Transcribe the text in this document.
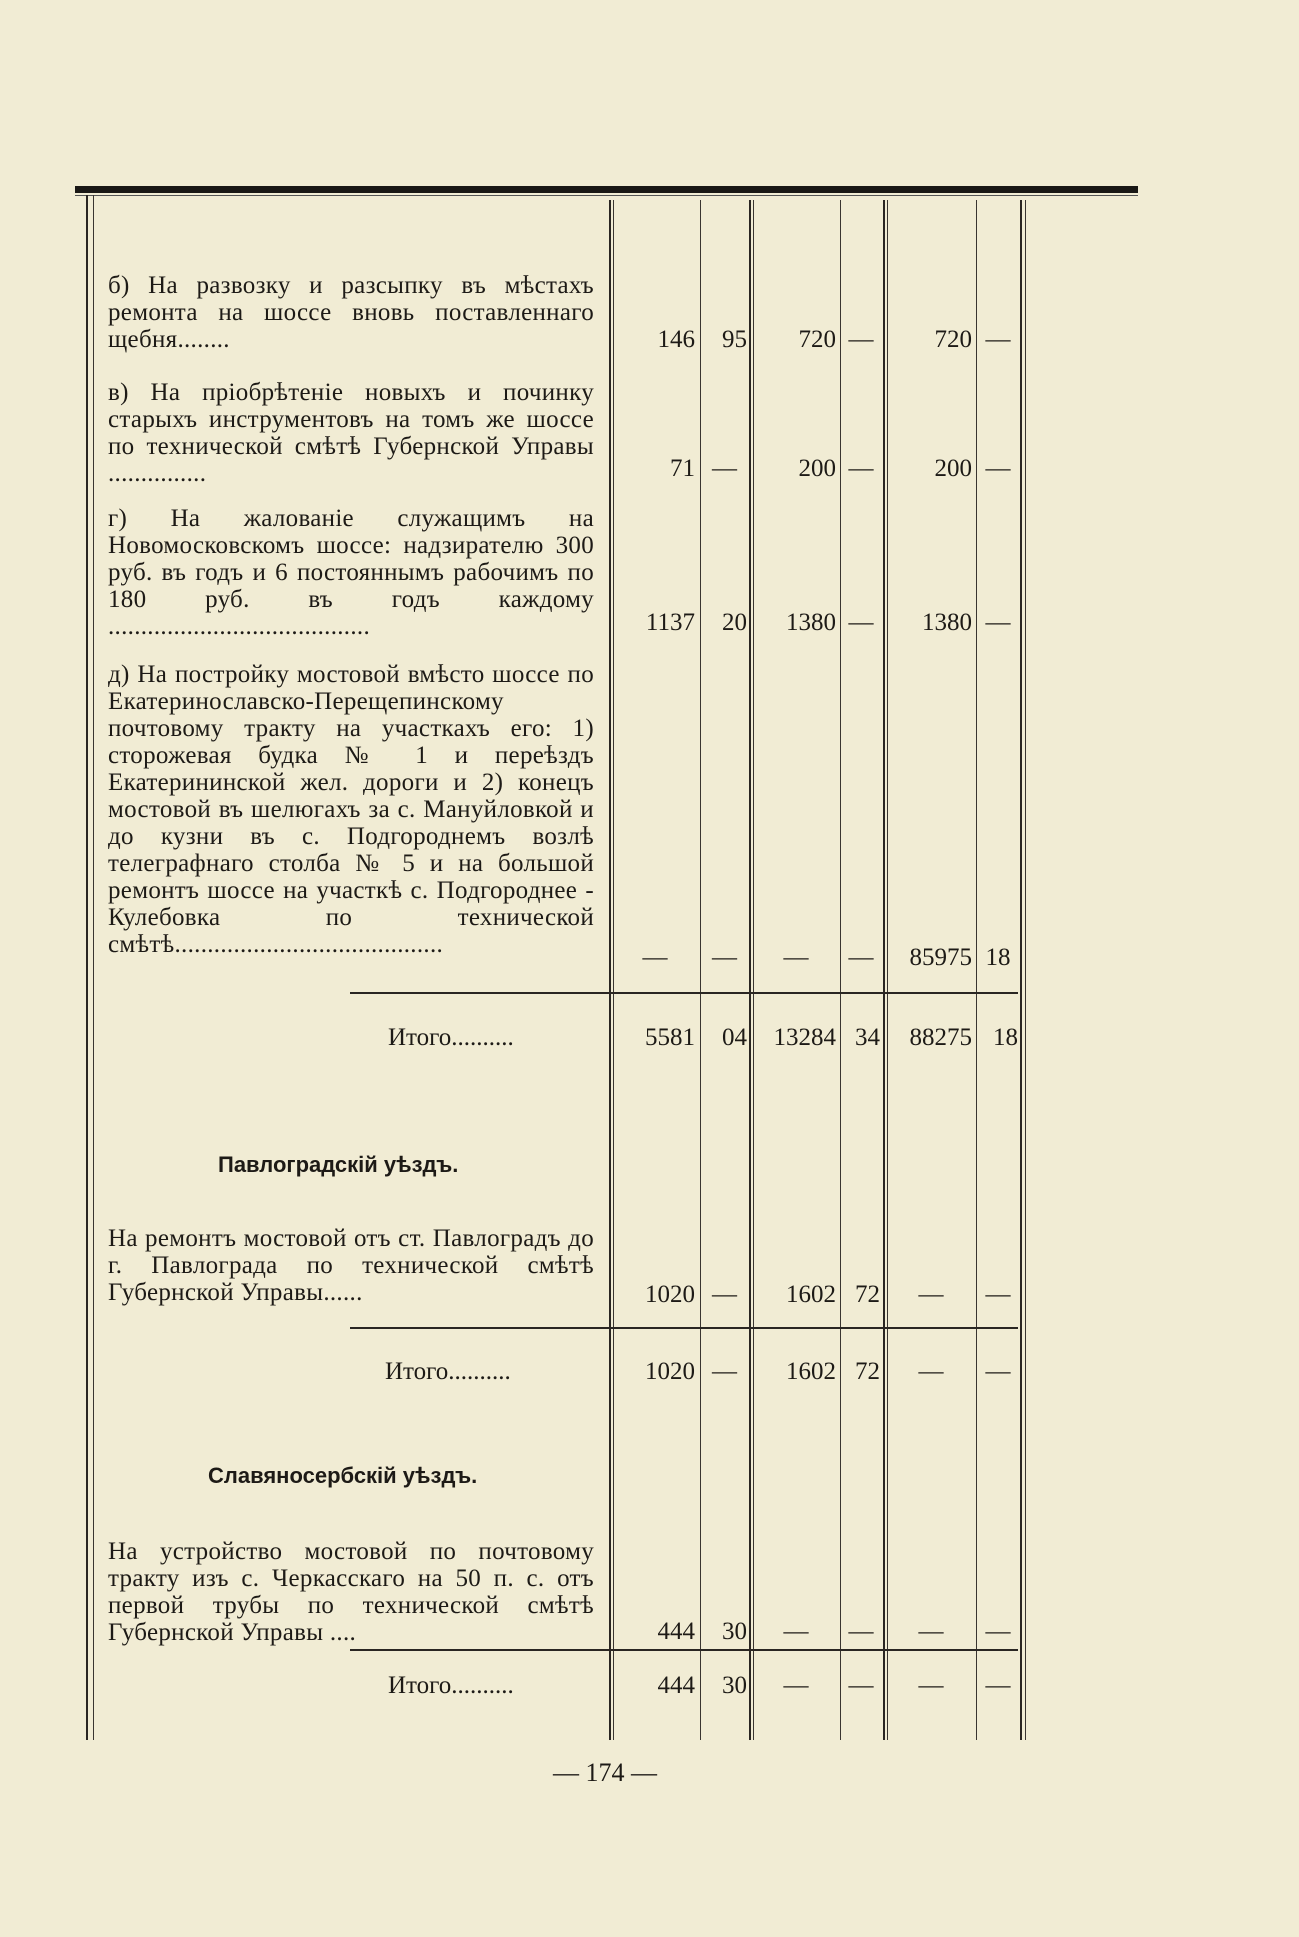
б) На развозку и разсыпку въ мѣстахъ ремонта на шоссе вновь поставленнаго щебня........	146	95	720 —	720 —
в) На пріобрѣтеніе новыхъ и починку старыхъ инструментовъ на томъ же шоссе по технической смѣтѣ Губернской Управы ...............	71 —	200 —	200 —
г) На жалованіе служащимъ на Новомосковскомъ шоссе: надзирателю 300 руб. въ годъ и 6 постояннымъ рабочимъ по 180 руб. въ годъ каждому ........................................	1137	20	1380 —	1380 —
д) На постройку мостовой вмѣсто шоссе по Екатеринославско-Перещепинскому почтовому тракту на участкахъ его: 1) сторожевая будка № 1 и переѣздъ Екатерининской жел. дороги и 2) конецъ мостовой въ шелюгахъ за с. Мануйловкой и до кузни въ с. Подгороднемъ возлѣ телеграфнаго столба № 5 и на большой ремонтъ шоссе на участкѣ с. Подгороднее - Кулебовка по технической смѣтѣ.........................................	—	—	—	—	85975 18
Итого..........	5581	04	13284 34	88275 18
Павлоградскій уѣздъ.
На ремонтъ мостовой отъ ст. Павлоградъ до г. Павлограда по технической смѣтѣ Губернской Управы......	1020 —	1602 72	—	—
Итого..........	1020 —	1602 72	—	—
Славяносербскій уѣздъ.
На устройство мостовой по почтовому тракту изъ с. Черкасскаго на 50 п. с. отъ первой трубы по технической смѣтѣ Губернской Управы ....	444	30	—	—	—	—
Итого..........	444	30	—	—	—	—
— 174 —
